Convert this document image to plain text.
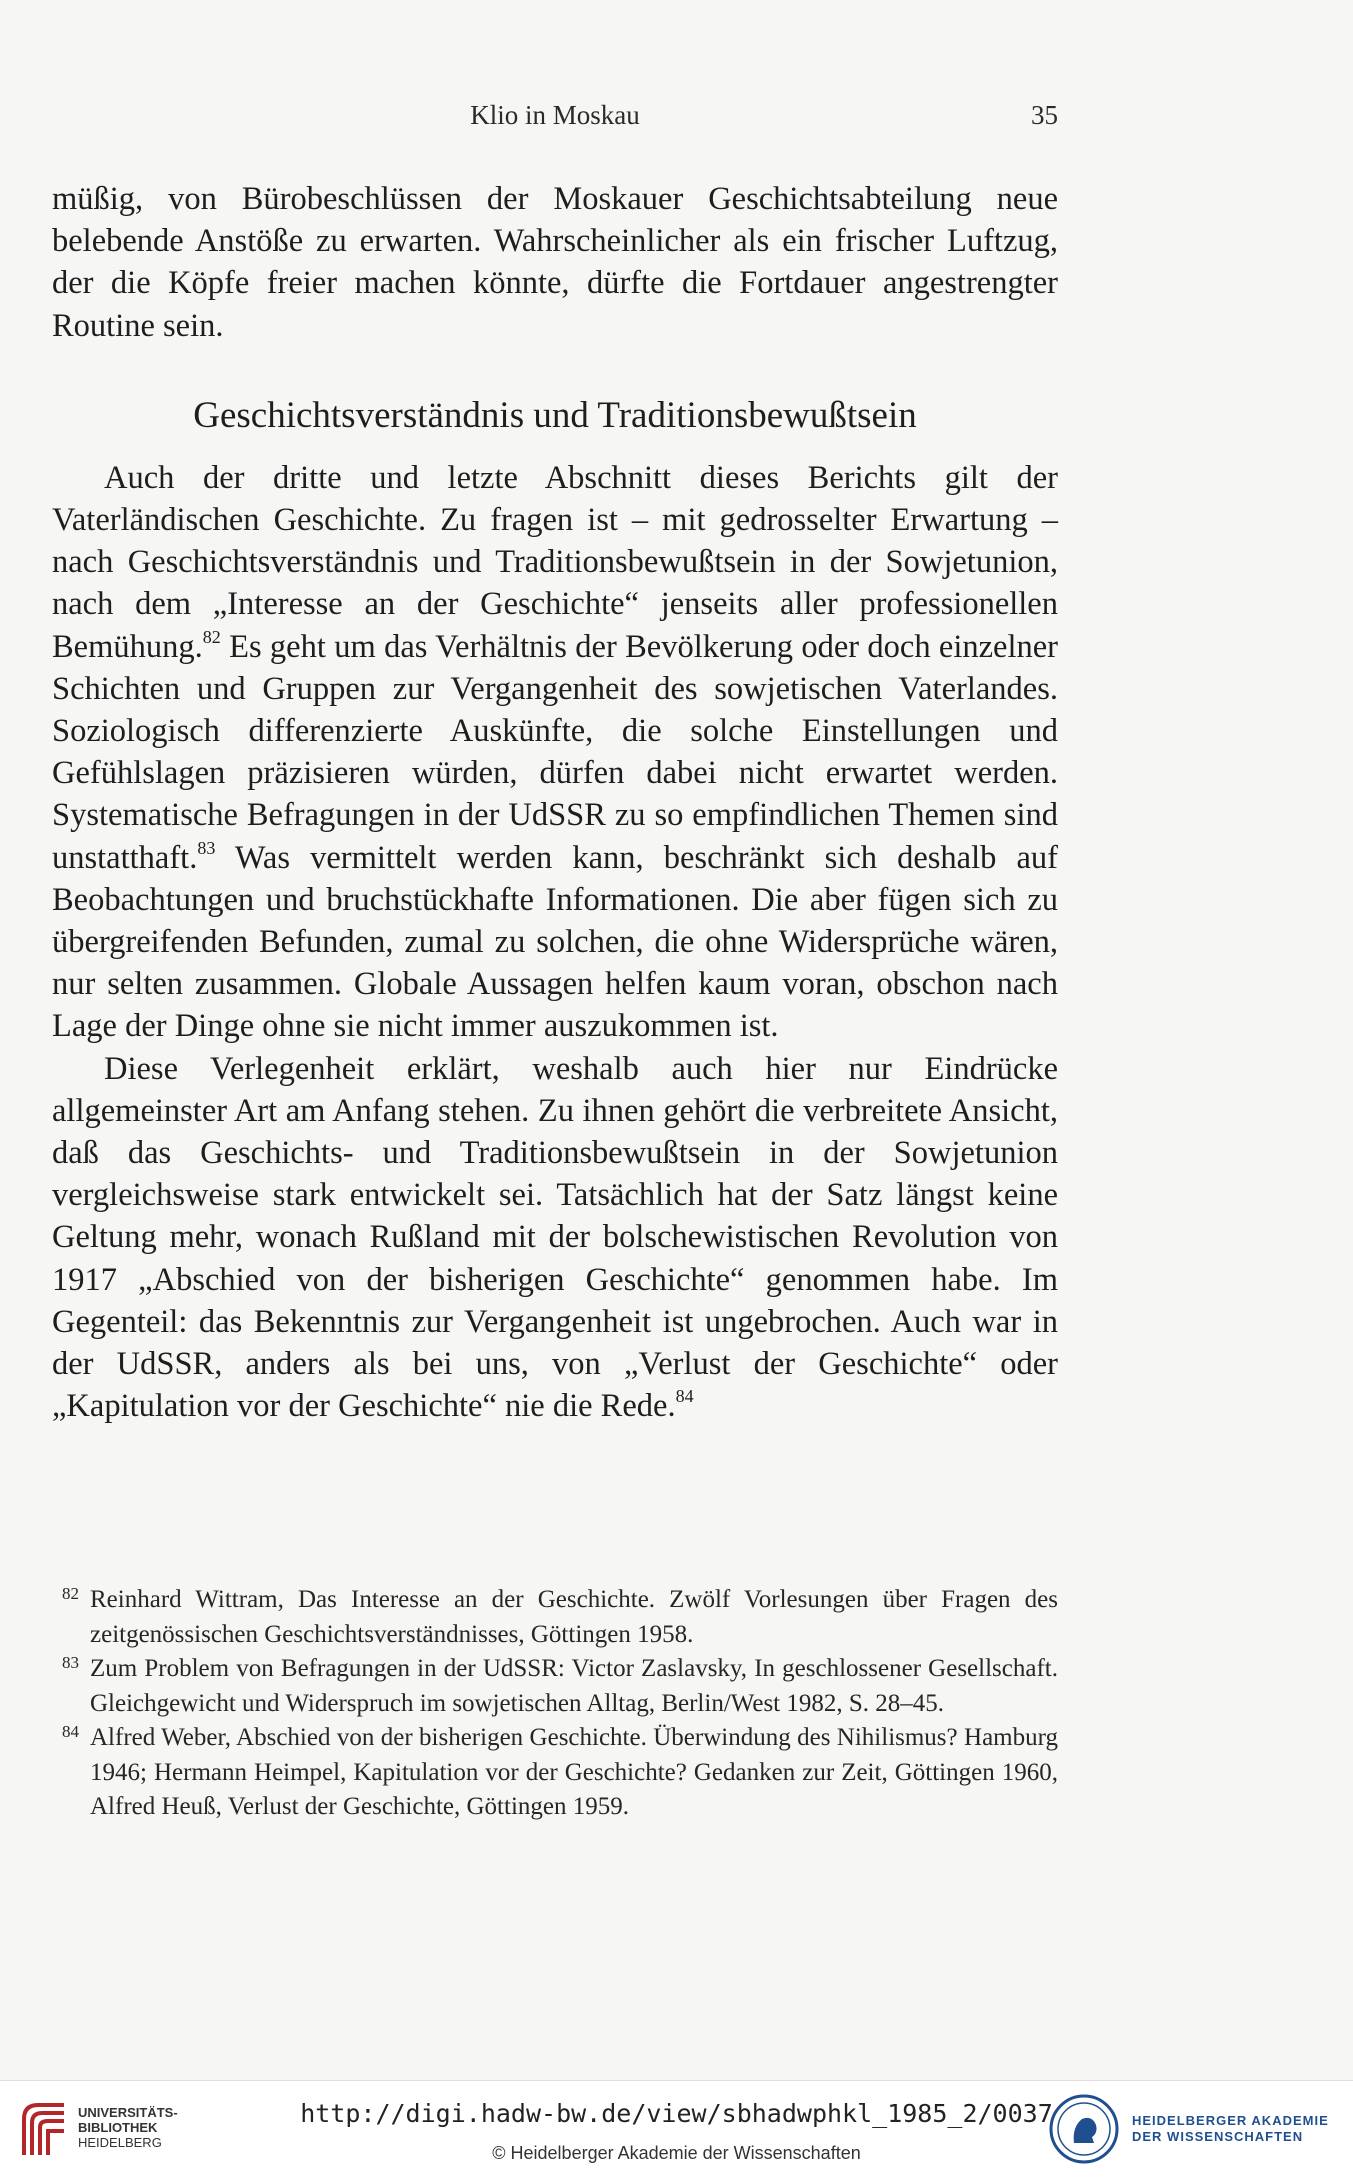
Klio in Moskau	35

müßig, von Bürobeschlüssen der Moskauer Geschichtsabteilung neue belebende Anstöße zu erwarten. Wahrscheinlicher als ein frischer Luftzug, der die Köpfe freier machen könnte, dürfte die Fortdauer angestrengter Routine sein.

Geschichtsverständnis und Traditionsbewußtsein

Auch der dritte und letzte Abschnitt dieses Berichts gilt der Vaterländischen Geschichte. Zu fragen ist – mit gedrosselter Erwartung – nach Geschichtsverständnis und Traditionsbewußtsein in der Sowjetunion, nach dem „Interesse an der Geschichte“ jenseits aller professionellen Bemühung.$^{82}$ Es geht um das Verhältnis der Bevölkerung oder doch einzelner Schichten und Gruppen zur Vergangenheit des sowjetischen Vaterlandes. Soziologisch differenzierte Auskünfte, die solche Einstellungen und Gefühlslagen präzisieren würden, dürfen dabei nicht erwartet werden. Systematische Befragungen in der UdSSR zu so empfindlichen Themen sind unstatthaft.$^{83}$ Was vermittelt werden kann, beschränkt sich deshalb auf Beobachtungen und bruchstückhafte Informationen. Die aber fügen sich zu übergreifenden Befunden, zumal zu solchen, die ohne Widersprüche wären, nur selten zusammen. Globale Aussagen helfen kaum voran, obschon nach Lage der Dinge ohne sie nicht immer auszukommen ist.

Diese Verlegenheit erklärt, weshalb auch hier nur Eindrücke allgemeinster Art am Anfang stehen. Zu ihnen gehört die verbreitete Ansicht, daß das Geschichts- und Traditionsbewußtsein in der Sowjetunion vergleichsweise stark entwickelt sei. Tatsächlich hat der Satz längst keine Geltung mehr, wonach Rußland mit der bolschewistischen Revolution von 1917 „Abschied von der bisherigen Geschichte“ genommen habe. Im Gegenteil: das Bekenntnis zur Vergangenheit ist ungebrochen. Auch war in der UdSSR, anders als bei uns, von „Verlust der Geschichte“ oder „Kapitulation vor der Geschichte“ nie die Rede.$^{84}$

82 Reinhard Wittram, Das Interesse an der Geschichte. Zwölf Vorlesungen über Fragen des zeitgenössischen Geschichtsverständnisses, Göttingen 1958.

83 Zum Problem von Befragungen in der UdSSR: Victor Zaslavsky, In geschlossener Gesellschaft. Gleichgewicht und Widerspruch im sowjetischen Alltag, Berlin/West 1982, S. 28–45.

84 Alfred Weber, Abschied von der bisherigen Geschichte. Überwindung des Nihilismus? Hamburg 1946; Hermann Heimpel, Kapitulation vor der Geschichte? Gedanken zur Zeit, Göttingen 1960, Alfred Heuß, Verlust der Geschichte, Göttingen 1959.

UNIVERSITÄTS-
BIBLIOTHEK
HEIDELBERG
http://digi.hadw-bw.de/view/sbhadwphkl_1985_2/0037
© Heidelberger Akademie der Wissenschaften
HEIDELBERGER AKADEMIE
DER WISSENSCHAFTEN
